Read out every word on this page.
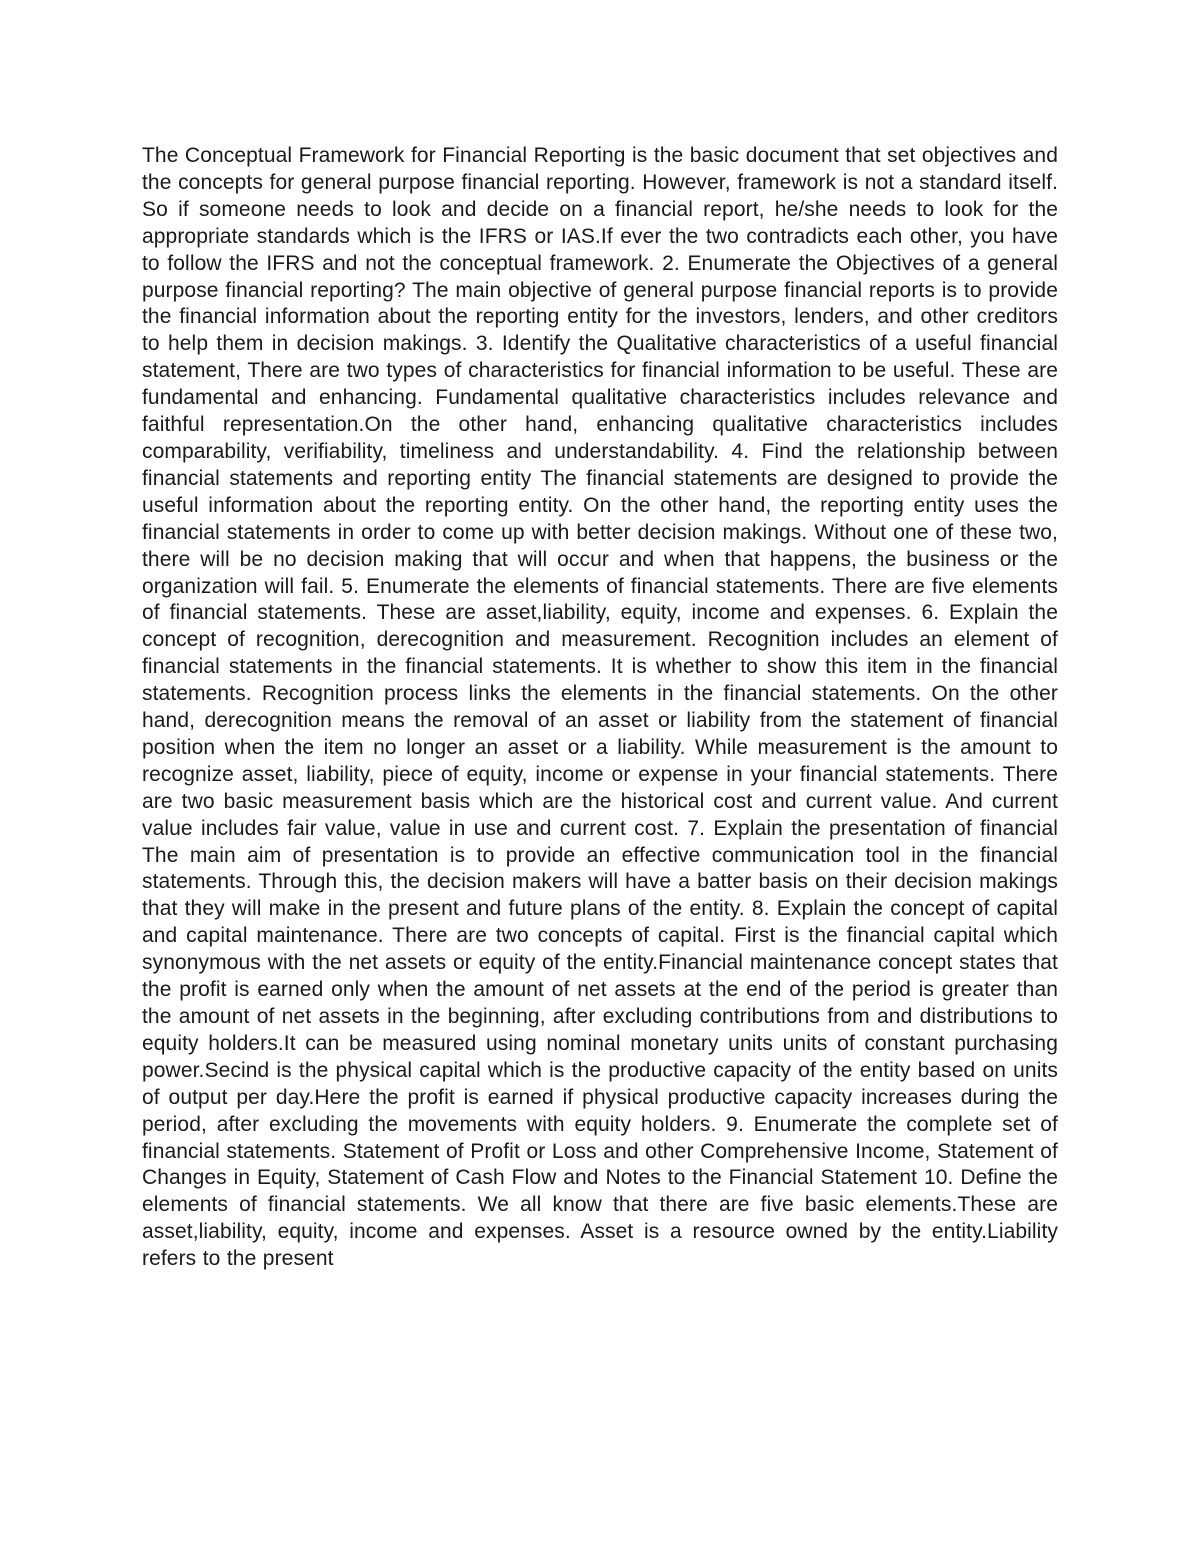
The Conceptual Framework for Financial Reporting is the basic document that set objectives and the concepts for general purpose financial reporting. However, framework is not a standard itself. So if someone needs to look and decide on a financial report, he/she needs to look for the appropriate standards which is the IFRS or IAS.If ever the two contradicts each other, you have to follow the IFRS and not the conceptual framework. 2. Enumerate the Objectives of a general purpose financial reporting? The main objective of general purpose financial reports is to provide the financial information about the reporting entity for the investors, lenders, and other creditors to help them in decision makings. 3. Identify the Qualitative characteristics of a useful financial statement, There are two types of characteristics for financial information to be useful. These are fundamental and enhancing. Fundamental qualitative characteristics includes relevance and faithful representation.On the other hand, enhancing qualitative characteristics includes comparability, verifiability, timeliness and understandability. 4. Find the relationship between financial statements and reporting entity The financial statements are designed to provide the useful information about the reporting entity. On the other hand, the reporting entity uses the financial statements in order to come up with better decision makings. Without one of these two, there will be no decision making that will occur and when that happens, the business or the organization will fail. 5. Enumerate the elements of financial statements. There are five elements of financial statements. These are asset,liability, equity, income and expenses. 6. Explain the concept of recognition, derecognition and measurement. Recognition includes an element of financial statements in the financial statements. It is whether to show this item in the financial statements. Recognition process links the elements in the financial statements. On the other hand, derecognition means the removal of an asset or liability from the statement of financial position when the item no longer an asset or a liability. While measurement is the amount to recognize asset, liability, piece of equity, income or expense in your financial statements. There are two basic measurement basis which are the historical cost and current value. And current value includes fair value, value in use and current cost. 7. Explain the presentation of financial The main aim of presentation is to provide an effective communication tool in the financial statements. Through this, the decision makers will have a batter basis on their decision makings that they will make in the present and future plans of the entity. 8. Explain the concept of capital and capital maintenance. There are two concepts of capital. First is the financial capital which synonymous with the net assets or equity of the entity.Financial maintenance concept states that the profit is earned only when the amount of net assets at the end of the period is greater than the amount of net assets in the beginning, after excluding contributions from and distributions to equity holders.It can be measured using nominal monetary units units of constant purchasing power.Secind is the physical capital which is the productive capacity of the entity based on units of output per day.Here the profit is earned if physical productive capacity increases during the period, after excluding the movements with equity holders. 9. Enumerate the complete set of financial statements. Statement of Profit or Loss and other Comprehensive Income, Statement of Changes in Equity, Statement of Cash Flow and Notes to the Financial Statement 10. Define the elements of financial statements. We all know that there are five basic elements.These are asset,liability, equity, income and expenses. Asset is a resource owned by the entity.Liability refers to the present
